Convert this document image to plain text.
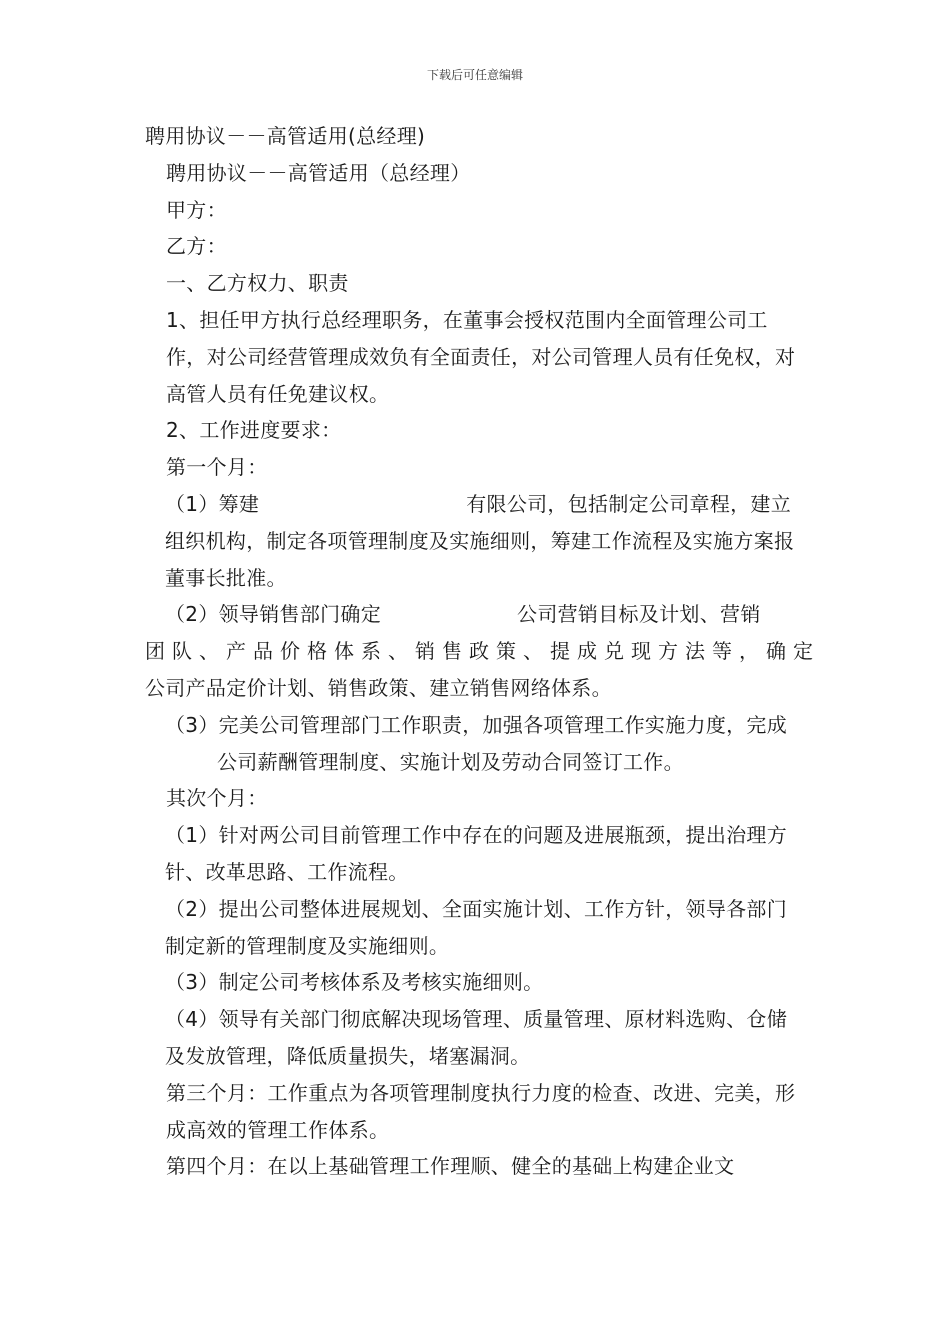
下载后可任意编辑

聘用协议－－高管适用(总经理)

聘用协议－－高管适用（总经理）

甲方：

乙方：

一、乙方权力、职责

1、担任甲方执行总经理职务，在董事会授权范围内全面管理公司工作，对公司经营管理成效负有全面责任，对公司管理人员有任免权，对高管人员有任免建议权。

2、工作进度要求：

第一个月：

（1）筹建	有限公司，包括制定公司章程，建立组织机构，制定各项管理制度及实施细则，筹建工作流程及实施方案报董事长批准。

（2）领导销售部门确定	公司营销目标及计划、营销

团队、产品价格体系、销售政策、提成兑现方法等，确定

公司产品定价计划、销售政策、建立销售网络体系。

（3）完美公司管理部门工作职责，加强各项管理工作实施力度，完成公司薪酬管理制度、实施计划及劳动合同签订工作。

其次个月：

（1）针对两公司目前管理工作中存在的问题及进展瓶颈，提出治理方针、改革思路、工作流程。

（2）提出公司整体进展规划、全面实施计划、工作方针，领导各部门制定新的管理制度及实施细则。

（3）制定公司考核体系及考核实施细则。

（4）领导有关部门彻底解决现场管理、质量管理、原材料选购、仓储及发放管理，降低质量损失，堵塞漏洞。

第三个月：工作重点为各项管理制度执行力度的检查、改进、完美，形成高效的管理工作体系。

第四个月：在以上基础管理工作理顺、健全的基础上构建企业文
